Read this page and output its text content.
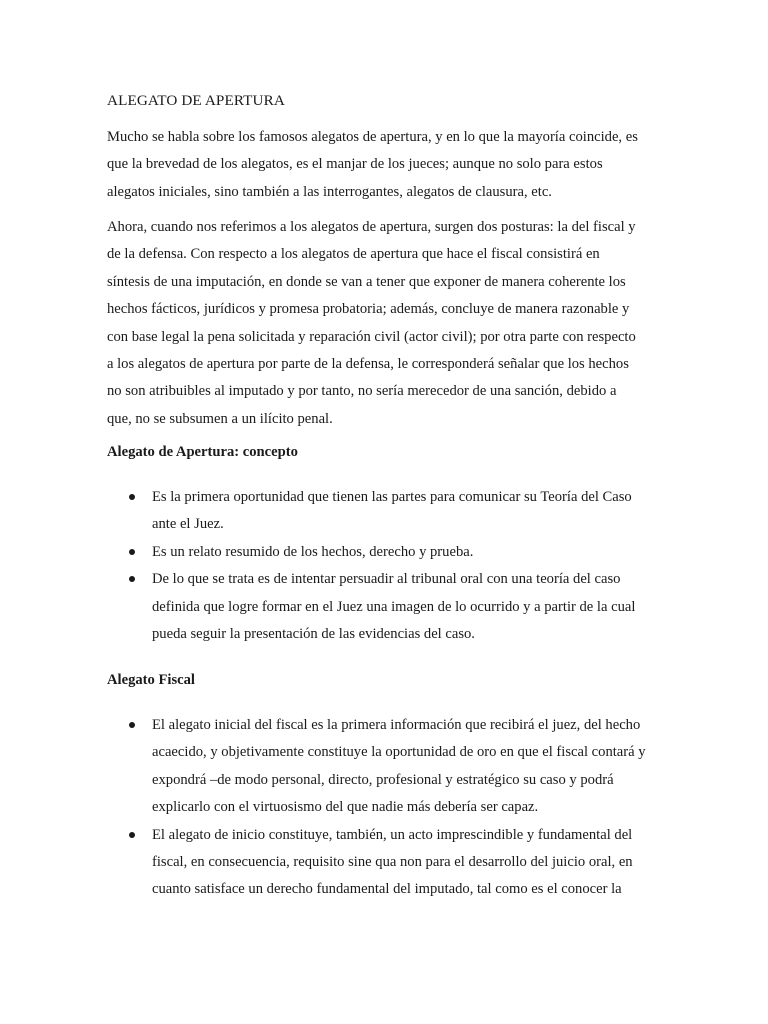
ALEGATO DE APERTURA

Mucho se habla sobre los famosos alegatos de apertura, y en lo que la mayoría coincide, es
que la brevedad de los alegatos, es el manjar de los jueces; aunque no solo para estos
alegatos iniciales, sino también a las interrogantes, alegatos de clausura, etc.

Ahora, cuando nos referimos a los alegatos de apertura, surgen dos posturas: la del fiscal y
de la defensa. Con respecto a los alegatos de apertura que hace el fiscal consistirá en
síntesis de una imputación, en donde se van a tener que exponer de manera coherente los
hechos fácticos, jurídicos y promesa probatoria; además, concluye de manera razonable y
con base legal la pena solicitada y reparación civil (actor civil); por otra parte con respecto
a los alegatos de apertura por parte de la defensa, le corresponderá señalar que los hechos
no son atribuibles al imputado y por tanto, no sería merecedor de una sanción, debido a
que, no se subsumen a un ilícito penal.

Alegato de Apertura: concepto
Es la primera oportunidad que tienen las partes para comunicar su Teoría del Caso
ante el Juez.
Es un relato resumido de los hechos, derecho y prueba.
De lo que se trata es de intentar persuadir al tribunal oral con una teoría del caso
definida que logre formar en el Juez una imagen de lo ocurrido y a partir de la cual
pueda seguir la presentación de las evidencias del caso.
Alegato Fiscal
El alegato inicial del fiscal es la primera información que recibirá el juez, del hecho
acaecido, y objetivamente constituye la oportunidad de oro en que el fiscal contará y
expondrá –de modo personal, directo, profesional y estratégico su caso y podrá
explicarlo con el virtuosismo del que nadie más debería ser capaz.
El alegato de inicio constituye, también, un acto imprescindible y fundamental del
fiscal, en consecuencia, requisito sine qua non para el desarrollo del juicio oral, en
cuanto satisface un derecho fundamental del imputado, tal como es el conocer la
